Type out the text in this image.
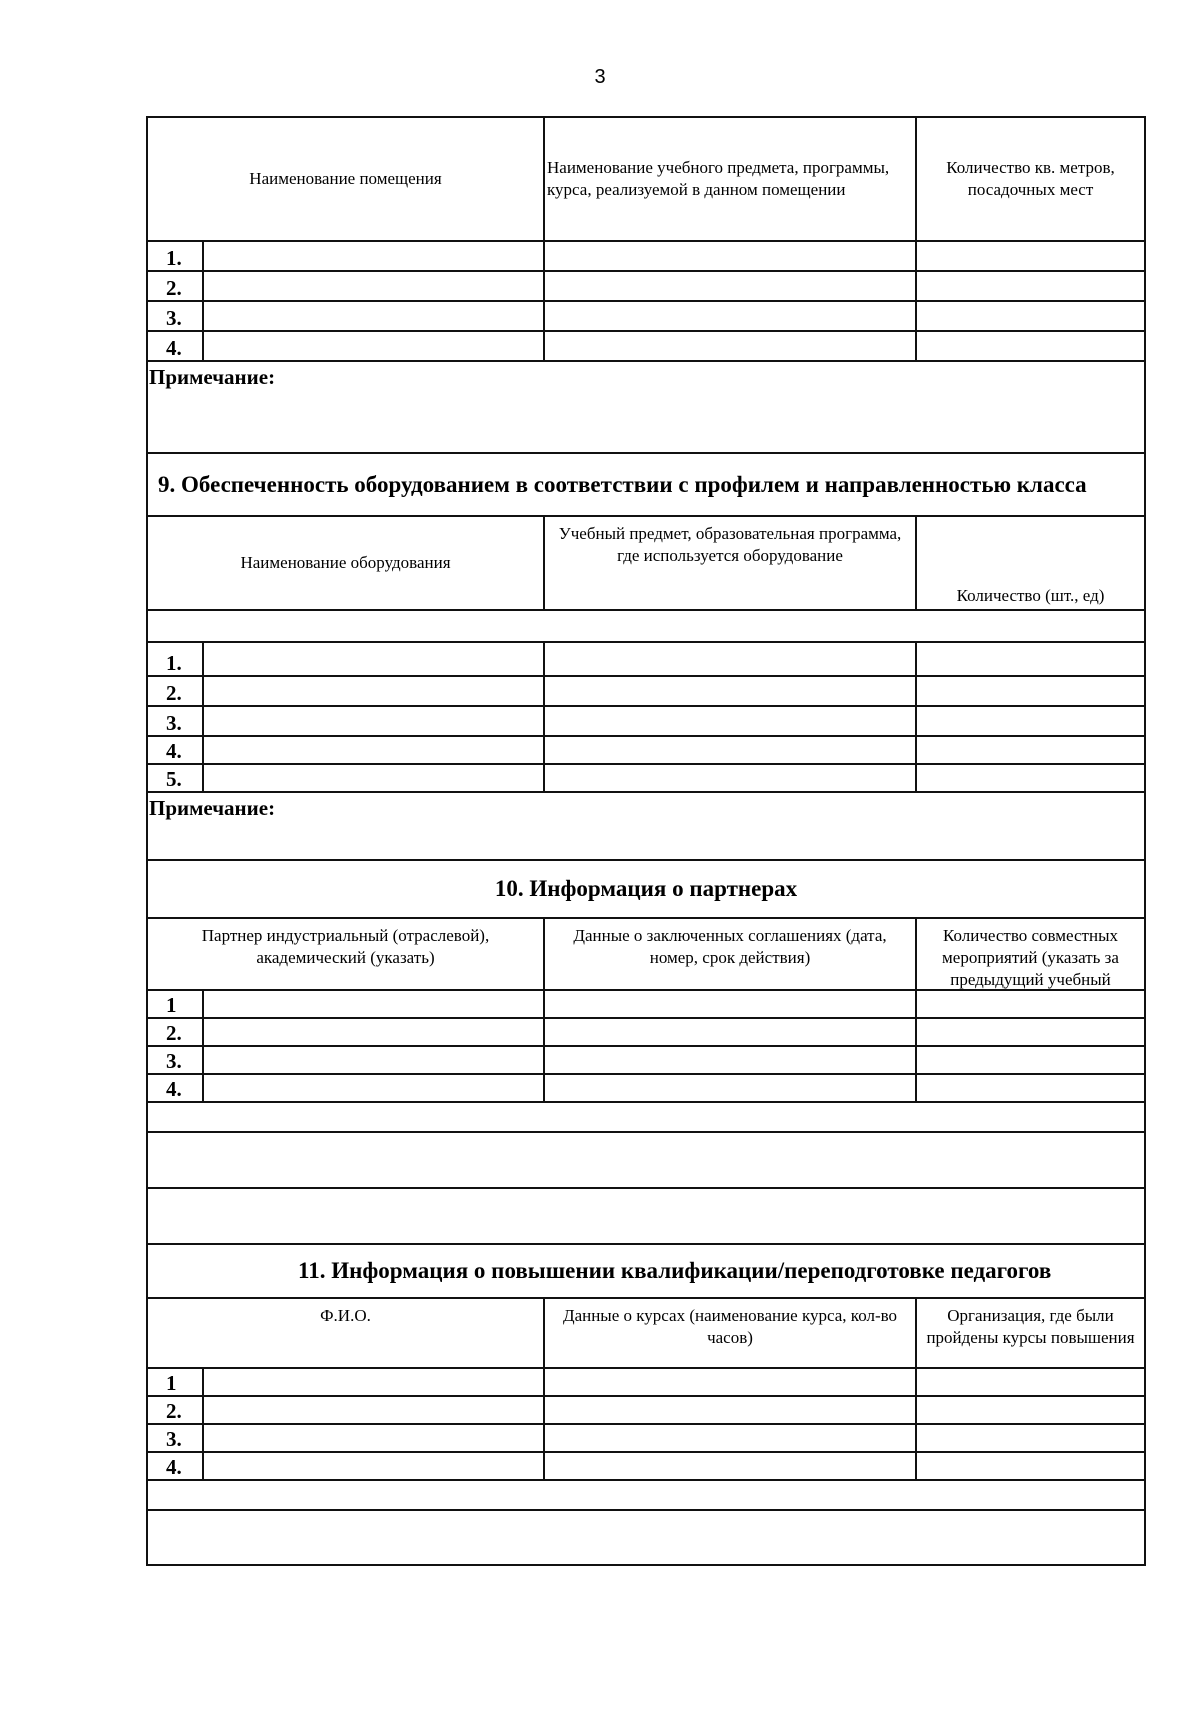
3
Наименование помещения
Наименование учебного предмета, программы, курса, реализуемой в данном помещении
Количество кв. метров, посадочных мест
1.
2.
3.
4.
Примечание:
9. Обеспеченность оборудованием в соответствии с профилем и направленностью класса
Наименование оборудования
Учебный предмет, образовательная программа, где используется оборудование
Количество (шт., ед)
1.
2.
3.
4.
5.
Примечание:
10. Информация о партнерах
Партнер индустриальный (отраслевой), академический (указать)
Данные о заключенных соглашениях (дата, номер, срок действия)
Количество совместных мероприятий (указать за предыдущий учебный
1
2.
3.
4.
11. Информация о повышении квалификации/переподготовке педагогов
Ф.И.О.	Данные о курсах (наименование курса, кол-во часов)
Организация, где были пройдены курсы повышения
1
2.
3.
4.
